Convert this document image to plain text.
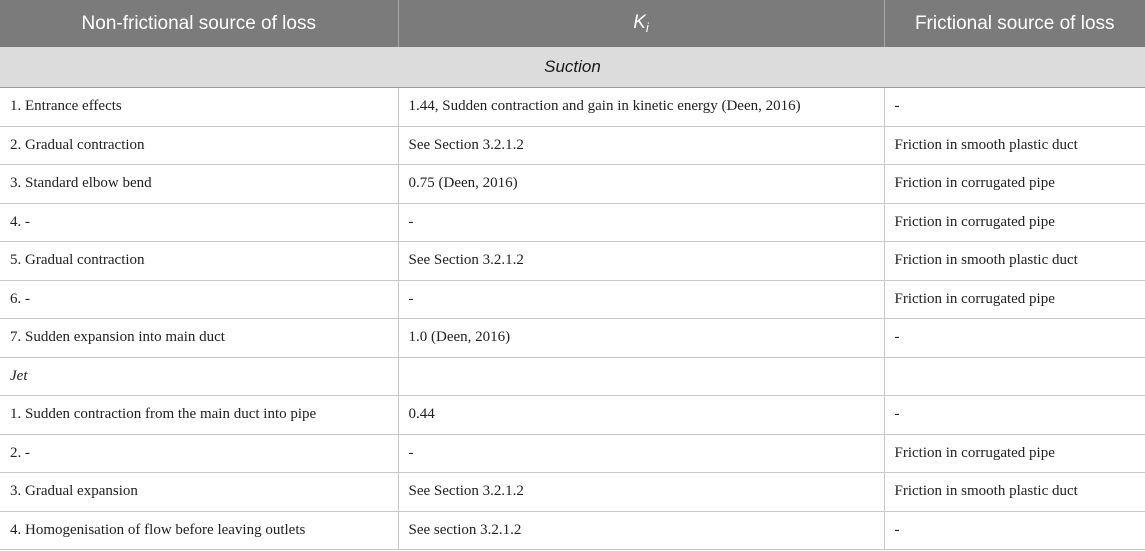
Non-frictional source of loss	$K_i$	Frictional source of loss
Suction		
1. Entrance effects	1.44, Sudden contraction and gain in kinetic energy (Deen, 2016)	-
2. Gradual contraction	See Section 3.2.1.2	Friction in smooth plastic duct
3. Standard elbow bend	0.75 (Deen, 2016)	Friction in corrugated pipe
4. -	-	Friction in corrugated pipe
5. Gradual contraction	See Section 3.2.1.2	Friction in smooth plastic duct
6. -	-	Friction in corrugated pipe
7. Sudden expansion into main duct	1.0 (Deen, 2016)	-
Jet		
1. Sudden contraction from the main duct into pipe	0.44	-
2. -	-	Friction in corrugated pipe
3. Gradual expansion	See Section 3.2.1.2	Friction in smooth plastic duct
4. Homogenisation of flow before leaving outlets	See section 3.2.1.2	-
